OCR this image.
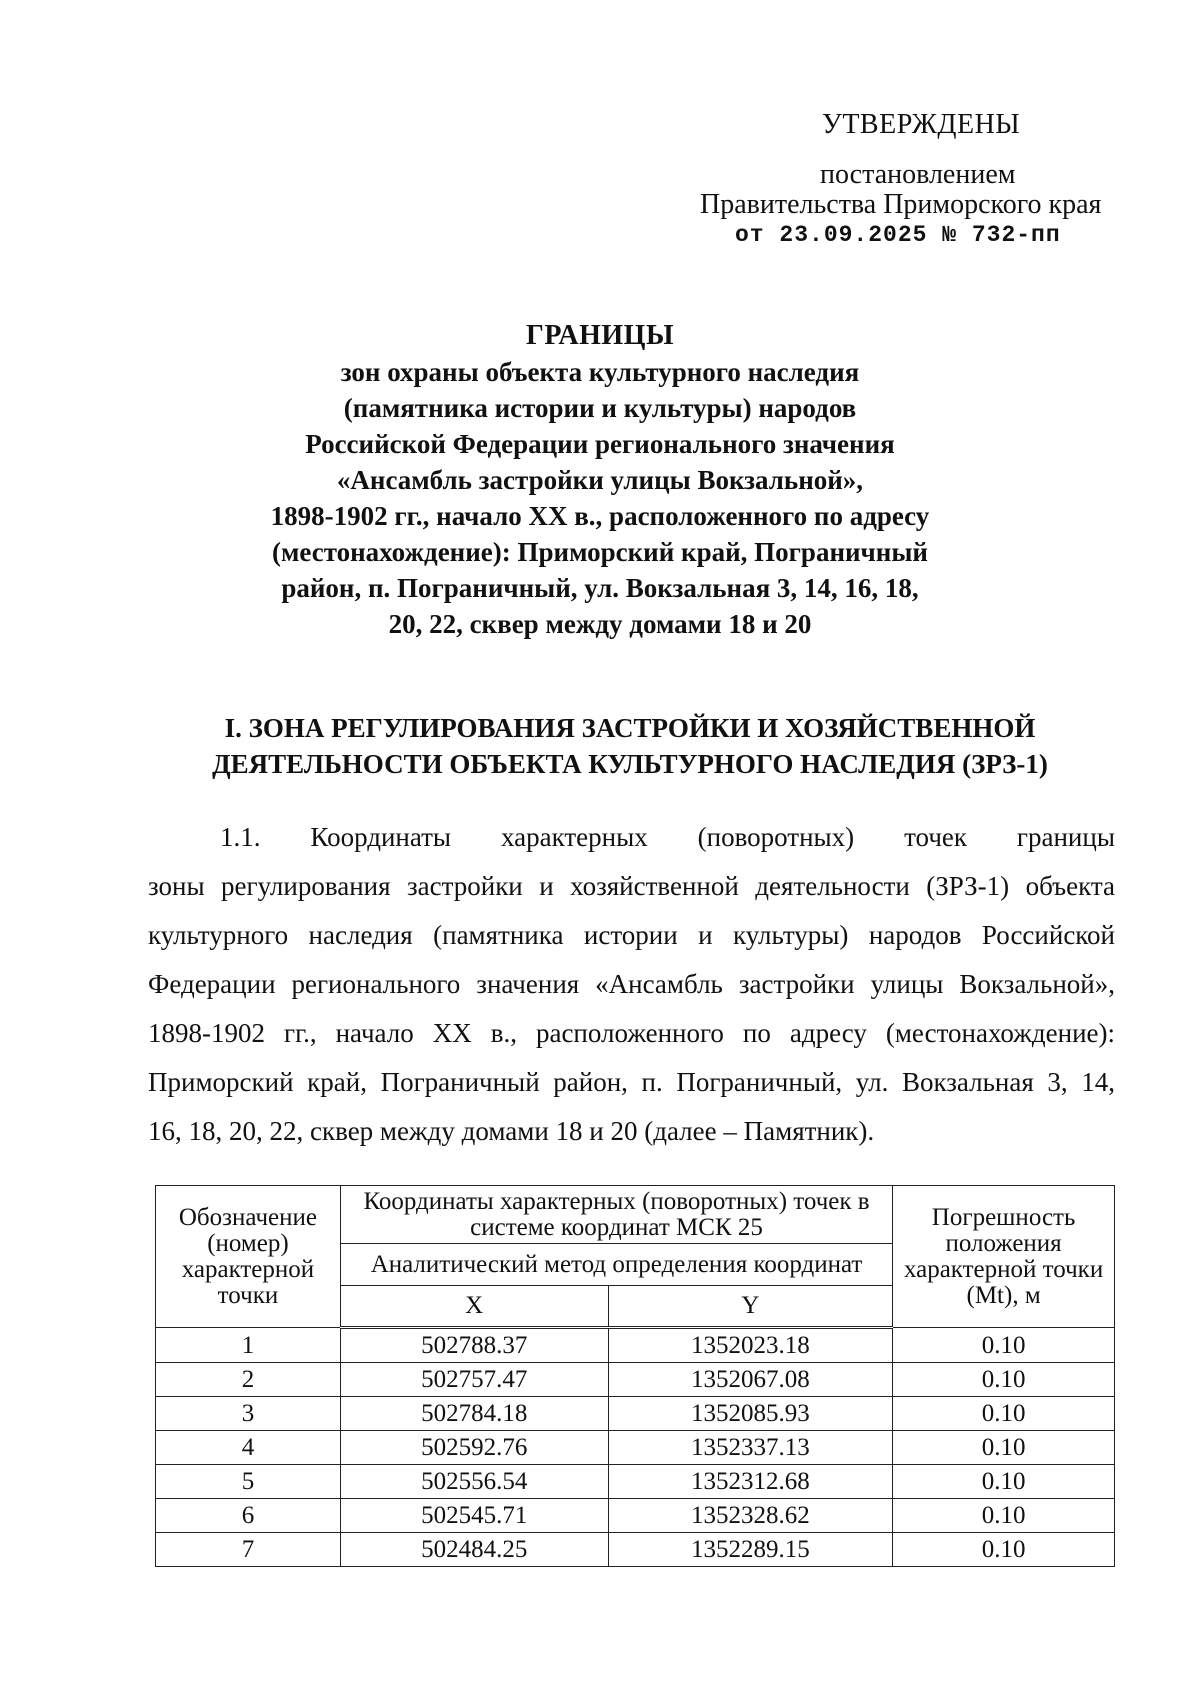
УТВЕРЖДЕНЫ
постановлением
Правительства Приморского края
от 23.09.2025 № 732-пп
ГРАНИЦЫ
зон охраны объекта культурного наследия
(памятника истории и культуры) народов
Российской Федерации регионального значения
«Ансамбль застройки улицы Вокзальной»,
1898-1902 гг., начало XX в., расположенного по адресу
(местонахождение): Приморский край, Пограничный
район, п. Пограничный, ул. Вокзальная 3, 14, 16, 18,
20, 22, сквер между домами 18 и 20
I. ЗОНА РЕГУЛИРОВАНИЯ ЗАСТРОЙКИ И ХОЗЯЙСТВЕННОЙ
ДЕЯТЕЛЬНОСТИ ОБЪЕКТА КУЛЬТУРНОГО НАСЛЕДИЯ (ЗРЗ-1)
1.1. Координаты характерных (поворотных) точек границы
зоны регулирования застройки и хозяйственной деятельности (ЗРЗ-1) объекта
культурного наследия (памятника истории и культуры) народов Российской
Федерации регионального значения «Ансамбль застройки улицы Вокзальной»,
1898-1902 гг., начало XX в., расположенного по адресу (местонахождение):
Приморский край, Пограничный район, п. Пограничный, ул. Вокзальная 3, 14,
16, 18, 20, 22, сквер между домами 18 и 20 (далее – Памятник).
Обозначение (номер) характерной точки	Координаты характерных (поворотных) точек в системе координат МСК 25		Погрешность положения характерной точки (Mt), м
	Аналитический метод определения координат		
	X	Y	
1	502788.37	1352023.18	0.10
2	502757.47	1352067.08	0.10
3	502784.18	1352085.93	0.10
4	502592.76	1352337.13	0.10
5	502556.54	1352312.68	0.10
6	502545.71	1352328.62	0.10
7	502484.25	1352289.15	0.10
